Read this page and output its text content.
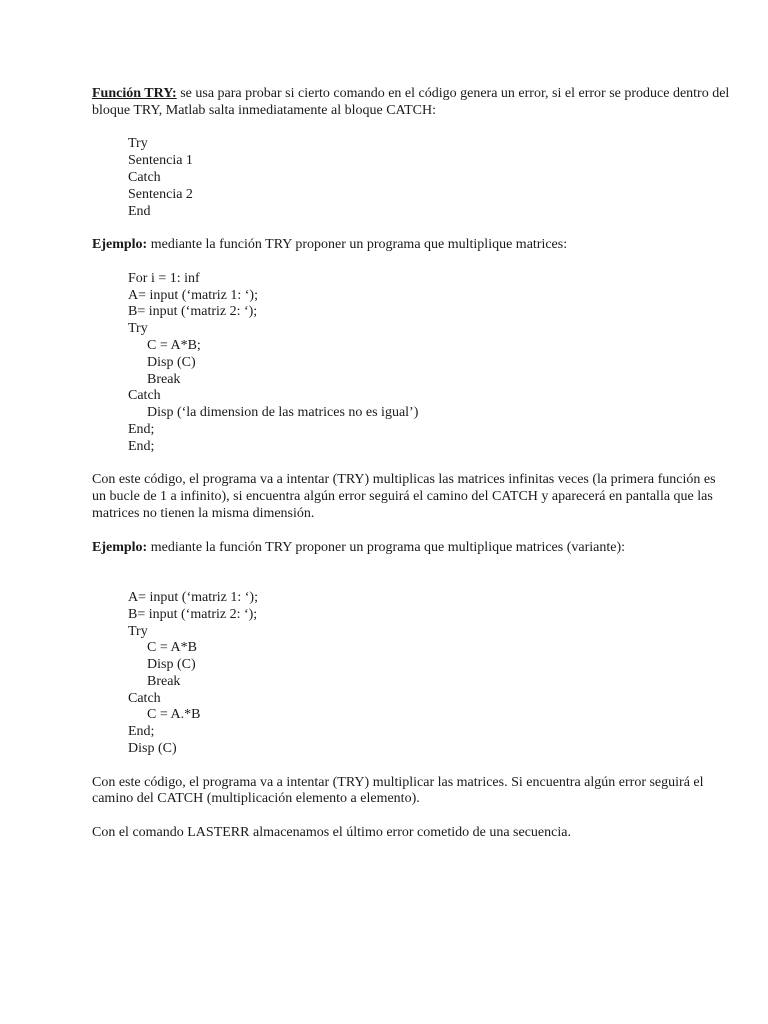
Función TRY: se usa para probar si cierto comando en el código genera un error, si el error se produce dentro del bloque TRY, Matlab salta inmediatamente al bloque CATCH:

Try
Sentencia 1
Catch
Sentencia 2
End

Ejemplo: mediante la función TRY proponer un programa que multiplique matrices:

For i = 1: inf
A= input (‘matriz 1: ‘);
B= input (‘matriz 2: ‘);
Try
C = A*B;
Disp (C)
Break
Catch
Disp (‘la dimension de las matrices no es igual’)
End;
End;

Con este código, el programa va a intentar (TRY) multiplicas las matrices infinitas veces (la primera función es un bucle de 1 a infinito), si encuentra algún error seguirá el camino del CATCH y aparecerá en pantalla que las matrices no tienen la misma dimensión.

Ejemplo: mediante la función TRY proponer un programa que multiplique matrices (variante):

A= input (‘matriz 1: ‘);
B= input (‘matriz 2: ‘);
Try
C = A*B
Disp (C)
Break
Catch
C = A.*B
End;
Disp (C)

Con este código, el programa va a intentar (TRY) multiplicar las matrices. Si encuentra algún error seguirá el camino del CATCH (multiplicación elemento a elemento).

Con el comando LASTERR almacenamos el último error cometido de una secuencia.
